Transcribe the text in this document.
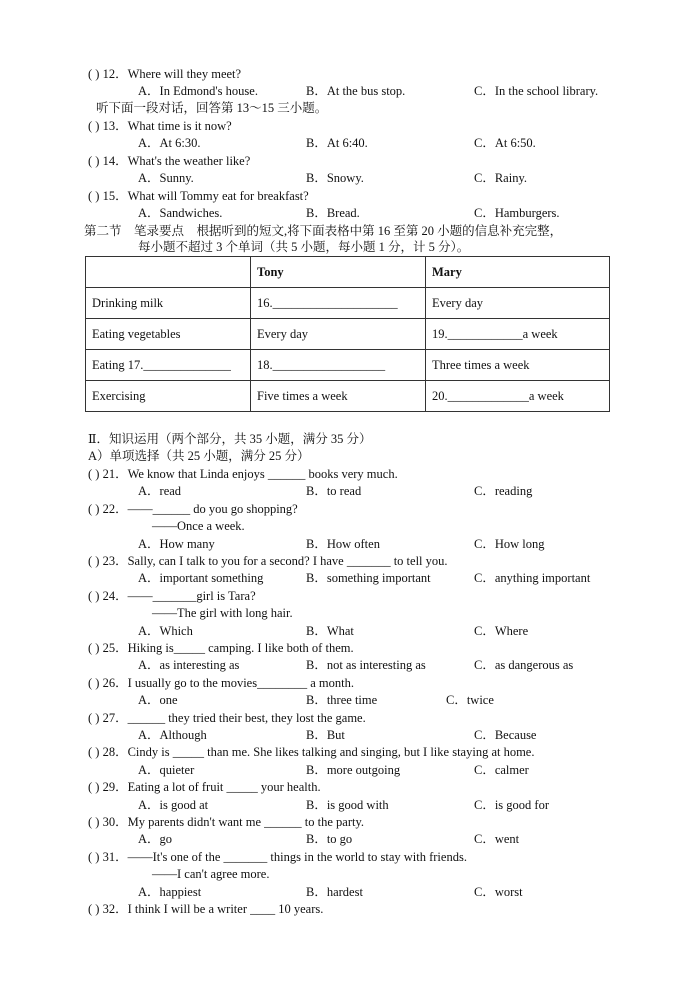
( ) 12．Where will they meet?
A．In Edmond's house.	B．At the bus stop.	C．In the school library.
听下面一段对话，回答第 13～15 三小题。
( ) 13．What time is it now?
A．At 6:30.	B．At 6:40.	C．At 6:50.
( ) 14．What's the weather like?
A．Sunny.	B．Snowy.	C．Rainy.
( ) 15．What will Tommy eat for breakfast?
A．Sandwiches.	B．Bread.	C．Hamburgers.
第二节　笔录要点　根据听到的短文,将下面表格中第 16 至第 20 小题的信息补充完整，
每小题不超过 3 个单词（共 5 小题，每小题 1 分，计 5 分）。
	Tony	Mary
Drinking milk	16.____________________	Every day
Eating vegetables	Every day	19.____________a week
Eating 17.______________	18.__________________	Three times a week
Exercising	Five times a week	20._____________a week
Ⅱ．知识运用（两个部分，共 35 小题，满分 35 分）
A）单项选择（共 25 小题，满分 25 分）
( ) 21．We know that Linda enjoys ______ books very much.
A．read	B．to read	C．reading
( ) 22．——______ do you go shopping?
——Once a week.
A．How many	B．How often	C．How long
( ) 23．Sally, can I talk to you for a second? I have _______ to tell you.
A．important something	B．something important	C．anything important
( ) 24．——_______girl is Tara?
——The girl with long hair.
A．Which	B．What	C．Where
( ) 25．Hiking is_____ camping. I like both of them.
A．as interesting as	B．not as interesting as	C．as dangerous as
( ) 26．I usually go to the movies________ a month.
A．one	B．three time	C．twice
( ) 27．______ they tried their best, they lost the game.
A．Although	B．But	C．Because
( ) 28．Cindy is _____ than me. She likes talking and singing, but I like staying at home.
A．quieter	B．more outgoing	C．calmer
( ) 29．Eating a lot of fruit _____ your health.
A．is good at	B．is good with	C．is good for
( ) 30．My parents didn't want me ______ to the party.
A．go	B．to go	C．went
( ) 31．——It's one of the _______ things in the world to stay with friends.
——I can't agree more.
A．happiest	B．hardest	C．worst
( ) 32．I think I will be a writer ____ 10 years.
